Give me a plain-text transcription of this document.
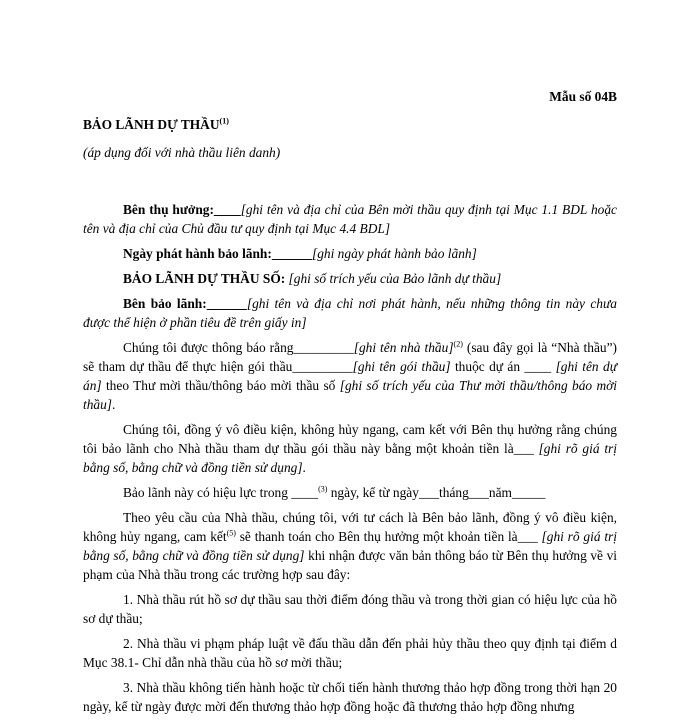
Mẫu số 04B

BẢO LÃNH DỰ THẦU$^{(1)}$

(áp dụng đối với nhà thầu liên danh)

Bên thụ hưởng:____[ghi tên và địa chỉ của Bên mời thầu quy định tại Mục 1.1 BDL hoặc tên và địa chỉ của Chủ đầu tư quy định tại Mục 4.4 BDL]

Ngày phát hành bảo lãnh:______[ghi ngày phát hành bảo lãnh]

BẢO LÃNH DỰ THẦU SỐ: [ghi số trích yếu của Bảo lãnh dự thầu]

Bên bảo lãnh:______[ghi tên và địa chỉ nơi phát hành, nếu những thông tin này chưa được thể hiện ở phần tiêu đề trên giấy in]

Chúng tôi được thông báo rằng_________[ghi tên nhà thầu]$^{(2)}$ (sau đây gọi là “Nhà thầu”) sẽ tham dự thầu để thực hiện gói thầu_________[ghi tên gói thầu] thuộc dự án ____ [ghi tên dự án] theo Thư mời thầu/thông báo mời thầu số [ghi số trích yếu của Thư mời thầu/thông báo mời thầu].

Chúng tôi, đồng ý vô điều kiện, không hủy ngang, cam kết với Bên thụ hưởng rằng chúng tôi bảo lãnh cho Nhà thầu tham dự thầu gói thầu này bằng một khoản tiền là___ [ghi rõ giá trị bằng số, bằng chữ và đồng tiền sử dụng].

Bảo lãnh này có hiệu lực trong ____$^{(3)}$ ngày, kể từ ngày___tháng___năm_____

Theo yêu cầu của Nhà thầu, chúng tôi, với tư cách là Bên bảo lãnh, đồng ý vô điều kiện, không hủy ngang, cam kết$^{(5)}$ sẽ thanh toán cho Bên thụ hưởng một khoản tiền là___ [ghi rõ giá trị bằng số, bằng chữ và đồng tiền sử dụng] khi nhận được văn bản thông báo từ Bên thụ hưởng về vi phạm của Nhà thầu trong các trường hợp sau đây:

1. Nhà thầu rút hồ sơ dự thầu sau thời điểm đóng thầu và trong thời gian có hiệu lực của hồ sơ dự thầu;

2. Nhà thầu vi phạm pháp luật về đấu thầu dẫn đến phải hủy thầu theo quy định tại điểm d Mục 38.1- Chỉ dẫn nhà thầu của hồ sơ mời thầu;

3. Nhà thầu không tiến hành hoặc từ chối tiến hành thương thảo hợp đồng trong thời hạn 20 ngày, kể từ ngày được mời đến thương thảo hợp đồng hoặc đã thương thảo hợp đồng nhưng
